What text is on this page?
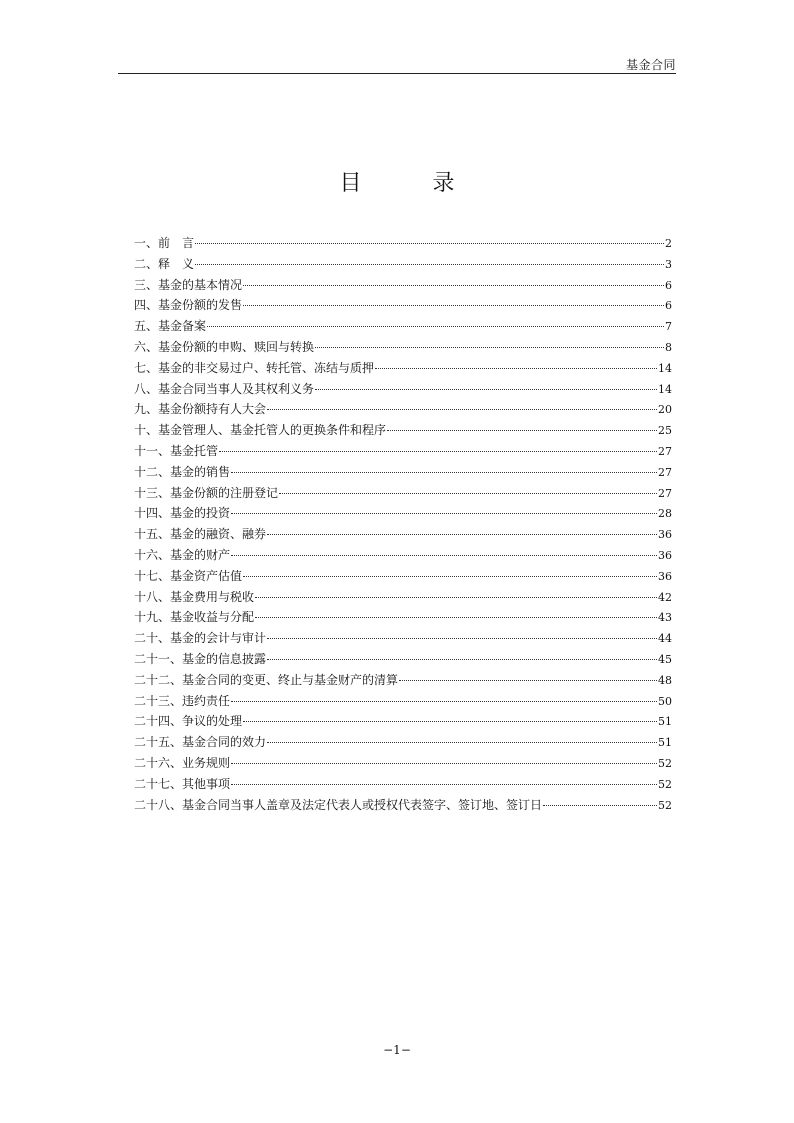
基金合同
目 录
一、前　言	2
二、释　义	3
三、基金的基本情况	6
四、基金份额的发售	6
五、基金备案	7
六、基金份额的申购、赎回与转换	8
七、基金的非交易过户、转托管、冻结与质押	14
八、基金合同当事人及其权利义务	14
九、基金份额持有人大会	20
十、基金管理人、基金托管人的更换条件和程序	25
十一、基金托管	27
十二、基金的销售	27
十三、基金份额的注册登记	27
十四、基金的投资	28
十五、基金的融资、融券	36
十六、基金的财产	36
十七、基金资产估值	36
十八、基金费用与税收	42
十九、基金收益与分配	43
二十、基金的会计与审计	44
二十一、基金的信息披露	45
二十二、基金合同的变更、终止与基金财产的清算	48
二十三、违约责任	50
二十四、争议的处理	51
二十五、基金合同的效力	51
二十六、业务规则	52
二十七、其他事项	52
二十八、基金合同当事人盖章及法定代表人或授权代表签字、签订地、签订日	52
−1−
